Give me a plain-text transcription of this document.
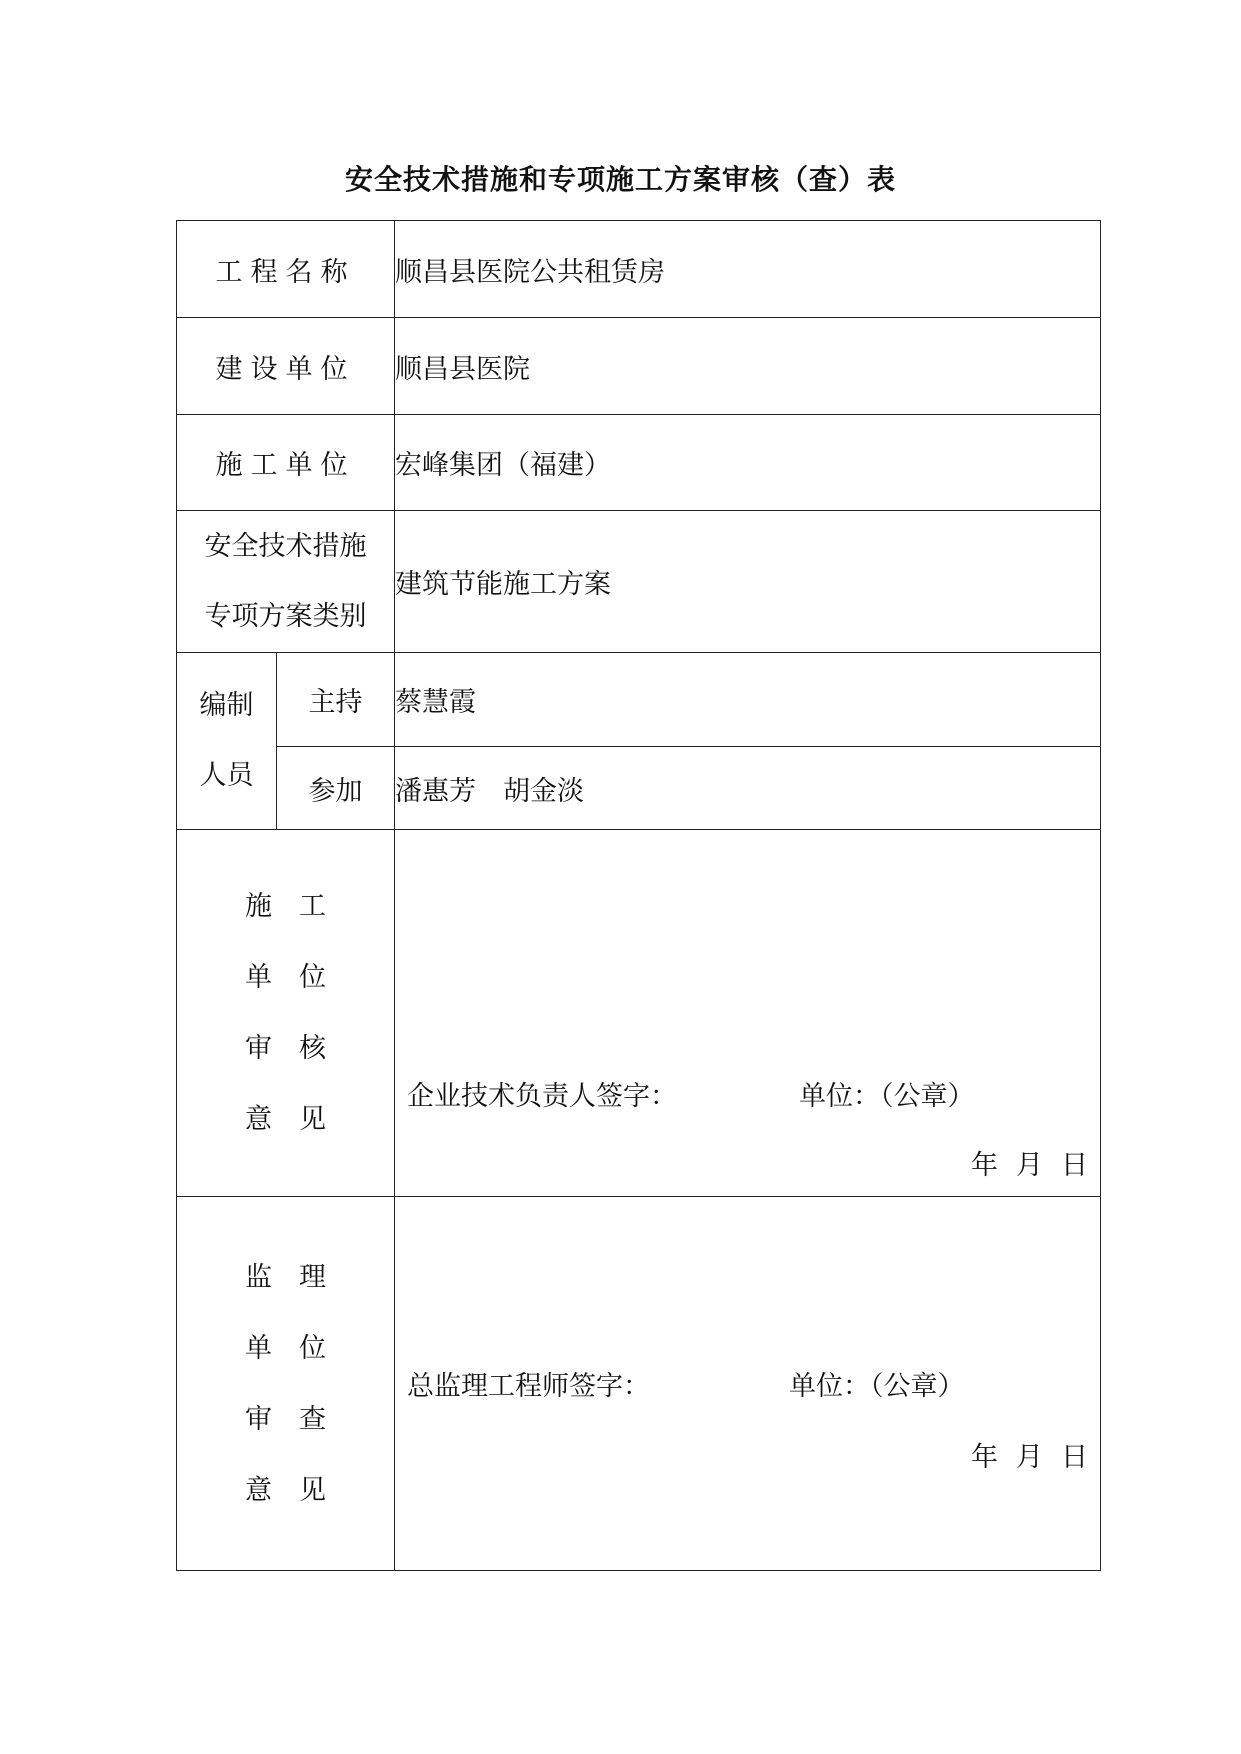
安全技术措施和专项施工方案审核（查）表
工程名称		顺昌县医院公共租赁房
建设单位		顺昌县医院
施工单位		宏峰集团（福建）

安全技术措施
专项方案类别		建筑节能施工方案

编制
人员	主持	蔡慧霞
	参加	潘惠芳　胡金淡

施 工
单 位
审 核
意 见		企业技术负责人签字： 单位：（公章）
年月日

监 理
单 位
审 查
意 见		总监理工程师签字： 单位：（公章）
年月日
